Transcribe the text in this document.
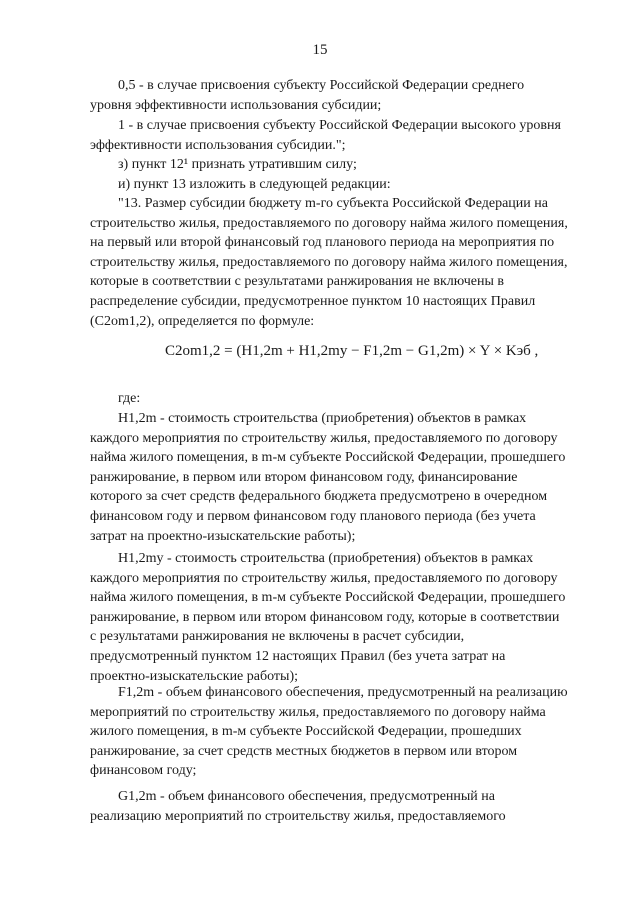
15
0,5 - в случае присвоения субъекту Российской Федерации среднего уровня эффективности использования субсидии;
1 - в случае присвоения субъекту Российской Федерации высокого уровня эффективности использования субсидии.";
з) пункт 12¹ признать утратившим силу;
и) пункт 13 изложить в следующей редакции:
"13. Размер субсидии бюджету m-го субъекта Российской Федерации на строительство жилья, предоставляемого по договору найма жилого помещения, на первый или второй финансовый год планового периода на мероприятия по строительству жилья, предоставляемого по договору найма жилого помещения, которые в соответствии с результатами ранжирования не включены в распределение субсидии, предусмотренное пунктом 10 настоящих Правил (C2om1,2), определяется по формуле:
C2om1,2 = (H1,2m + H1,2my − F1,2m − G1,2m) × Y × Kэб ,
где:
H1,2m - стоимость строительства (приобретения) объектов в рамках каждого мероприятия по строительству жилья, предоставляемого по договору найма жилого помещения, в m-м субъекте Российской Федерации, прошедшего ранжирование, в первом или втором финансовом году, финансирование которого за счет средств федерального бюджета предусмотрено в очередном финансовом году и первом финансовом году планового периода (без учета затрат на проектно-изыскательские работы);
H1,2my - стоимость строительства (приобретения) объектов в рамках каждого мероприятия по строительству жилья, предоставляемого по договору найма жилого помещения, в m-м субъекте Российской Федерации, прошедшего ранжирование, в первом или втором финансовом году, которые в соответствии с результатами ранжирования не включены в расчет субсидии, предусмотренный пунктом 12 настоящих Правил (без учета затрат на проектно-изыскательские работы);
F1,2m - объем финансового обеспечения, предусмотренный на реализацию мероприятий по строительству жилья, предоставляемого по договору найма жилого помещения, в m-м субъекте Российской Федерации, прошедших ранжирование, за счет средств местных бюджетов в первом или втором финансовом году;
G1,2m - объем финансового обеспечения, предусмотренный на реализацию мероприятий по строительству жилья, предоставляемого
